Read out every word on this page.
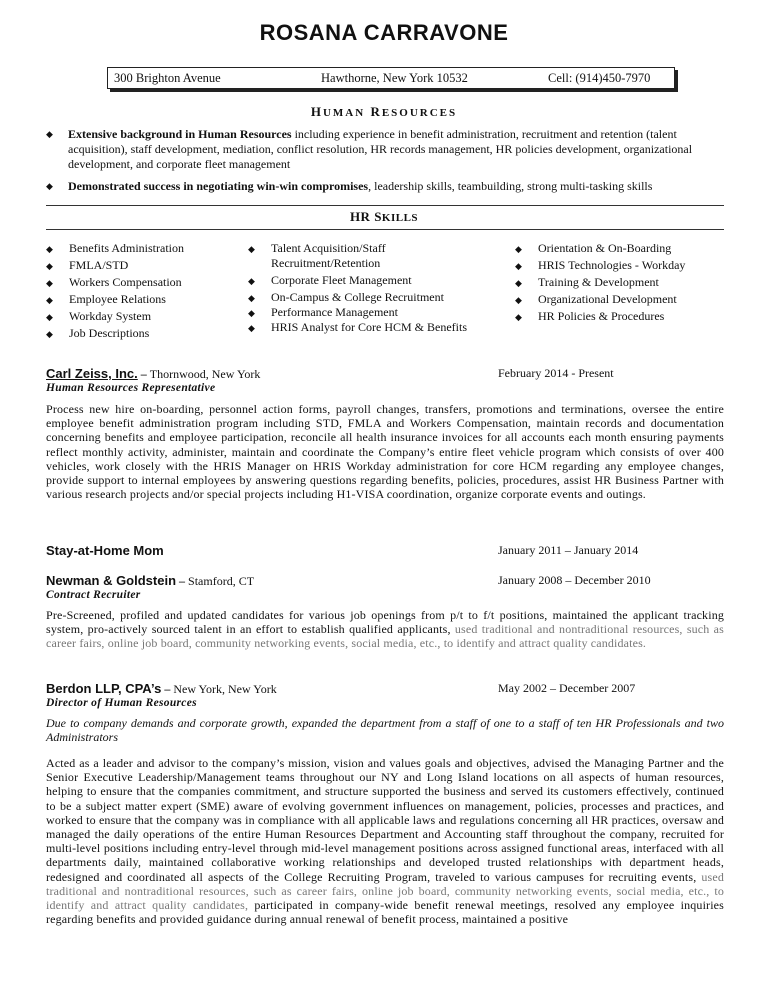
ROSANA CARRAVONE
300 Brighton Avenue	Hawthorne, New York 10532	Cell: (914)450-7970
HUMAN RESOURCES
◆ Extensive background in Human Resources including experience in benefit administration, recruitment and retention (talent acquisition), staff development, mediation, conflict resolution, HR records management, HR policies development, organizational development, and corporate fleet management
◆ Demonstrated success in negotiating win-win compromises, leadership skills, teambuilding, strong multi-tasking skills
HR SKILLS
◆ Benefits Administration
◆ FMLA/STD
◆ Workers Compensation
◆ Employee Relations
◆ Workday System
◆ Job Descriptions
◆ Talent Acquisition/Staff Recruitment/Retention
◆ Corporate Fleet Management
◆ On-Campus & College Recruitment
◆ Performance Management
◆ HRIS Analyst for Core HCM & Benefits
◆ Orientation & On-Boarding
◆ HRIS Technologies - Workday
◆ Training & Development
◆ Organizational Development
◆ HR Policies & Procedures
Carl Zeiss, Inc. – Thornwood, New York	February 2014 - Present
Human Resources Representative
Process new hire on-boarding, personnel action forms, payroll changes, transfers, promotions and terminations, oversee the entire employee benefit administration program including STD, FMLA and Workers Compensation, maintain records and documentation concerning benefits and employee participation, reconcile all health insurance invoices for all accounts each month ensuring payments reflect monthly activity, administer, maintain and coordinate the Company’s entire fleet vehicle program which consists of over 400 vehicles, work closely with the HRIS Manager on HRIS Workday administration for core HCM regarding any employee changes, provide support to internal employees by answering questions regarding benefits, policies, procedures, assist HR Business Partner with various research projects and/or special projects including H1-VISA coordination, organize corporate events and outings.
Stay-at-Home Mom	January 2011 – January 2014
Newman & Goldstein – Stamford, CT	January 2008 – December 2010
Contract Recruiter
Pre-Screened, profiled and updated candidates for various job openings from p/t to f/t positions, maintained the applicant tracking system, pro-actively sourced talent in an effort to establish qualified applicants, used traditional and nontraditional resources, such as career fairs, online job board, community networking events, social media, etc., to identify and attract quality candidates.
Berdon LLP, CPA’s – New York, New York	May 2002 – December 2007
Director of Human Resources
Due to company demands and corporate growth, expanded the department from a staff of one to a staff of ten HR Professionals and two Administrators
Acted as a leader and advisor to the company’s mission, vision and values goals and objectives, advised the Managing Partner and the Senior Executive Leadership/Management teams throughout our NY and Long Island locations on all aspects of human resources, helping to ensure that the companies commitment, and structure supported the business and served its customers effectively, continued to be a subject matter expert (SME) aware of evolving government influences on management, policies, processes and practices, and worked to ensure that the company was in compliance with all applicable laws and regulations concerning all HR practices, oversaw and managed the daily operations of the entire Human Resources Department and Accounting staff throughout the company, recruited for multi-level positions including entry-level through mid-level management positions across assigned functional areas, interfaced with all departments daily, maintained collaborative working relationships and developed trusted relationships with department heads, redesigned and coordinated all aspects of the College Recruiting Program, traveled to various campuses for recruiting events, used traditional and nontraditional resources, such as career fairs, online job board, community networking events, social media, etc., to identify and attract quality candidates, participated in company-wide benefit renewal meetings, resolved any employee inquiries regarding benefits and provided guidance during annual renewal of benefit process, maintained a positive
